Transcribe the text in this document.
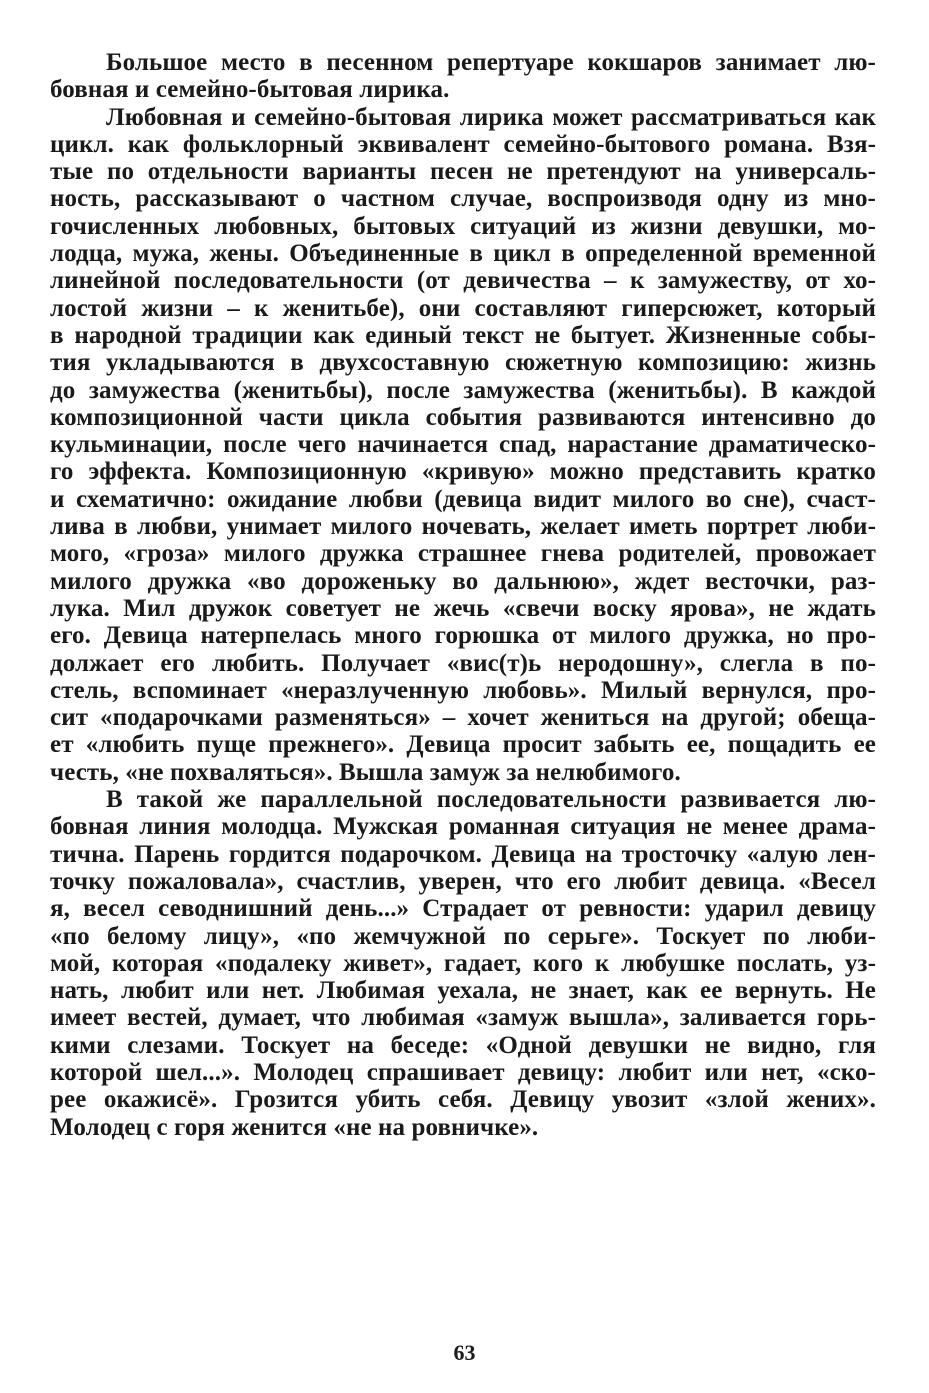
Большое место в песенном репертуаре кокшаров занимает лю-
бовная и семейно-бытовая лирика.
Любовная и семейно-бытовая лирика может рассматриваться как
цикл. как фольклорный эквивалент семейно-бытового романа. Взя-
тые по отдельности варианты песен не претендуют на универсаль-
ность, рассказывают о частном случае, воспроизводя одну из мно-
гочисленных любовных, бытовых ситуаций из жизни девушки, мо-
лодца, мужа, жены. Объединенные в цикл в определенной временной
линейной последовательности (от девичества – к замужеству, от хо-
лостой жизни – к женитьбе), они составляют гиперсюжет, который
в народной традиции как единый текст не бытует. Жизненные собы-
тия укладываются в двухсоставную сюжетную композицию: жизнь
до замужества (женитьбы), после замужества (женитьбы). В каждой
композиционной части цикла события развиваются интенсивно до
кульминации, после чего начинается спад, нарастание драматическо-
го эффекта. Композиционную «кривую» можно представить кратко
и схематично: ожидание любви (девица видит милого во сне), счаст-
лива в любви, унимает милого ночевать, желает иметь портрет люби-
мого, «гроза» милого дружка страшнее гнева родителей, провожает
милого дружка «во дороженьку во дальнюю», ждет весточки, раз-
лука. Мил дружок советует не жечь «свечи воску ярова», не ждать
его. Девица натерпелась много горюшка от милого дружка, но про-
должает его любить. Получает «вис(т)ь неродошну», слегла в по-
стель, вспоминает «неразлученную любовь». Милый вернулся, про-
сит «подарочками разменяться» – хочет жениться на другой; обеща-
ет «любить пуще прежнего». Девица просит забыть ее, пощадить ее
честь, «не похваляться». Вышла замуж за нелюбимого.
В такой же параллельной последовательности развивается лю-
бовная линия молодца. Мужская романная ситуация не менее драма-
тична. Парень гордится подарочком. Девица на тросточку «алую лен-
точку пожаловала», счастлив, уверен, что его любит девица. «Весел
я, весел севоднишний день...» Страдает от ревности: ударил девицу
«по белому лицу», «по жемчужной по серьге». Тоскует по люби-
мой, которая «подалеку живет», гадает, кого к любушке послать, уз-
нать, любит или нет. Любимая уехала, не знает, как ее вернуть. Не
имеет вестей, думает, что любимая «замуж вышла», заливается горь-
кими слезами. Тоскует на беседе: «Одной девушки не видно, гля
которой шел...». Молодец спрашивает девицу: любит или нет, «ско-
рее окажисё». Грозится убить себя. Девицу увозит «злой жених».
Молодец с горя женится «не на ровничке».
63
